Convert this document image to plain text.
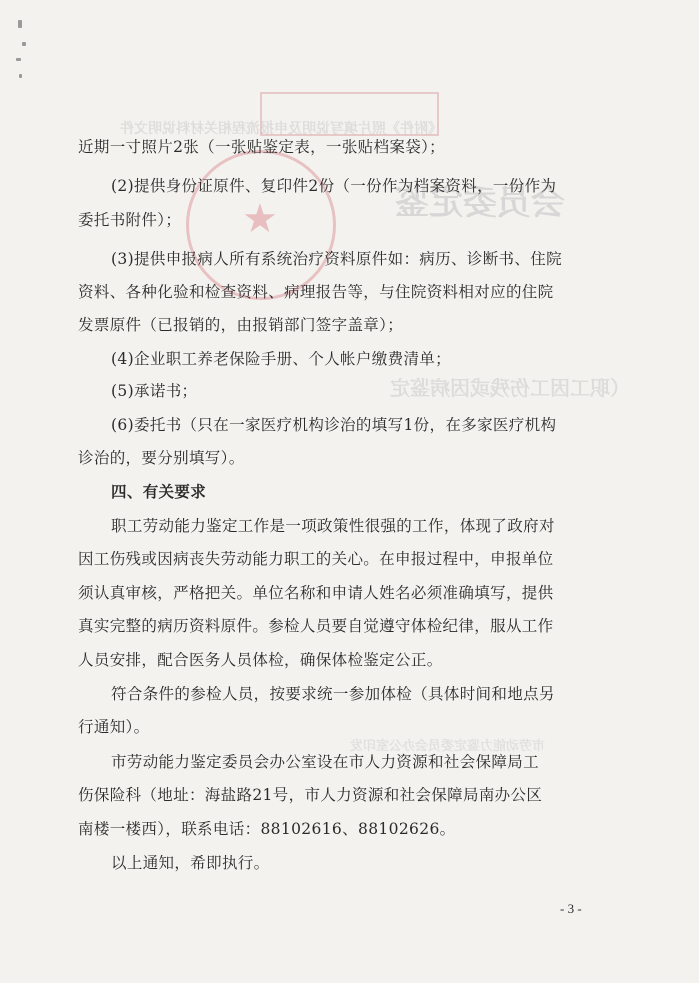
会员委定鉴
《附件》照片填写说明及申报流程相关材料说明文件
（职工因工伤残或因病鉴定
市劳动能力鉴定委员会办公室印发
★
近期一寸照片2张（一张贴鉴定表，一张贴档案袋）；
(2)提供身份证原件、复印件2份（一份作为档案资料，一份作为
委托书附件）；
(3)提供申报病人所有系统治疗资料原件如：病历、诊断书、住院
资料、各种化验和检查资料、病理报告等，与住院资料相对应的住院
发票原件（已报销的，由报销部门签字盖章）；
(4)企业职工养老保险手册、个人帐户缴费清单；
(5)承诺书；
(6)委托书（只在一家医疗机构诊治的填写1份，在多家医疗机构
诊治的，要分别填写）。
四、有关要求
职工劳动能力鉴定工作是一项政策性很强的工作，体现了政府对
因工伤残或因病丧失劳动能力职工的关心。在申报过程中，申报单位
须认真审核，严格把关。单位名称和申请人姓名必须准确填写，提供
真实完整的病历资料原件。参检人员要自觉遵守体检纪律，服从工作
人员安排，配合医务人员体检，确保体检鉴定公正。
符合条件的参检人员，按要求统一参加体检（具体时间和地点另
行通知）。
市劳动能力鉴定委员会办公室设在市人力资源和社会保障局工
伤保险科（地址：海盐路21号，市人力资源和社会保障局南办公区
南楼一楼西），联系电话：88102616、88102626。
以上通知，希即执行。
- 3 -
